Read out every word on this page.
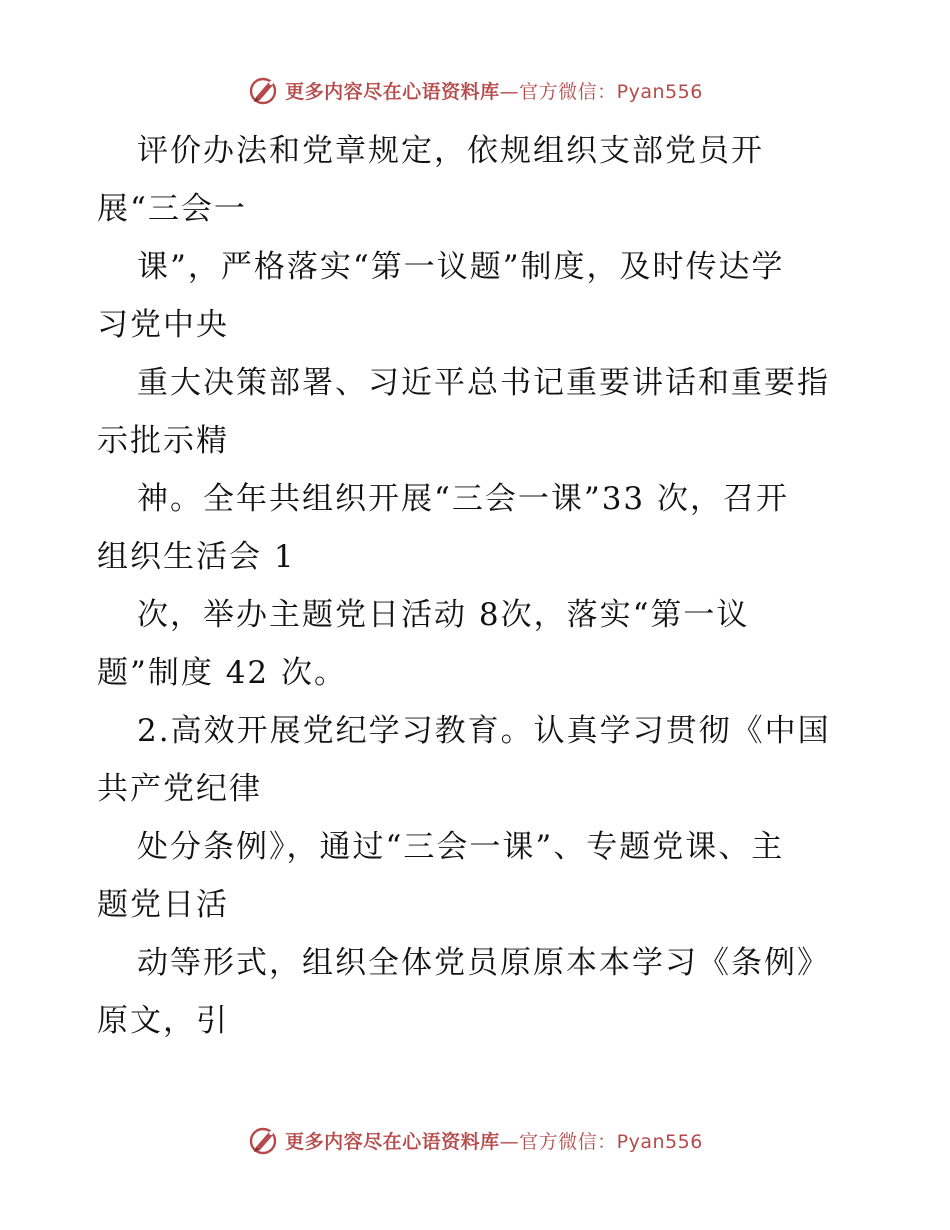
更多内容尽在心语资料库—官方微信：Pyan556
评价办法和党章规定，依规组织支部党员开
展“三会一
课”，严格落实“第一议题”制度，及时传达学
习党中央
重大决策部署、习近平总书记重要讲话和重要指
示批示精
神。全年共组织开展“三会一课”33 次，召开
组织生活会 1
次，举办主题党日活动 8次，落实“第一议
题”制度 42 次。
2.高效开展党纪学习教育。认真学习贯彻《中国
共产党纪律
处分条例》，通过“三会一课”、专题党课、主
题党日活
动等形式，组织全体党员原原本本学习《条例》
原文，引
更多内容尽在心语资料库—官方微信：Pyan556
